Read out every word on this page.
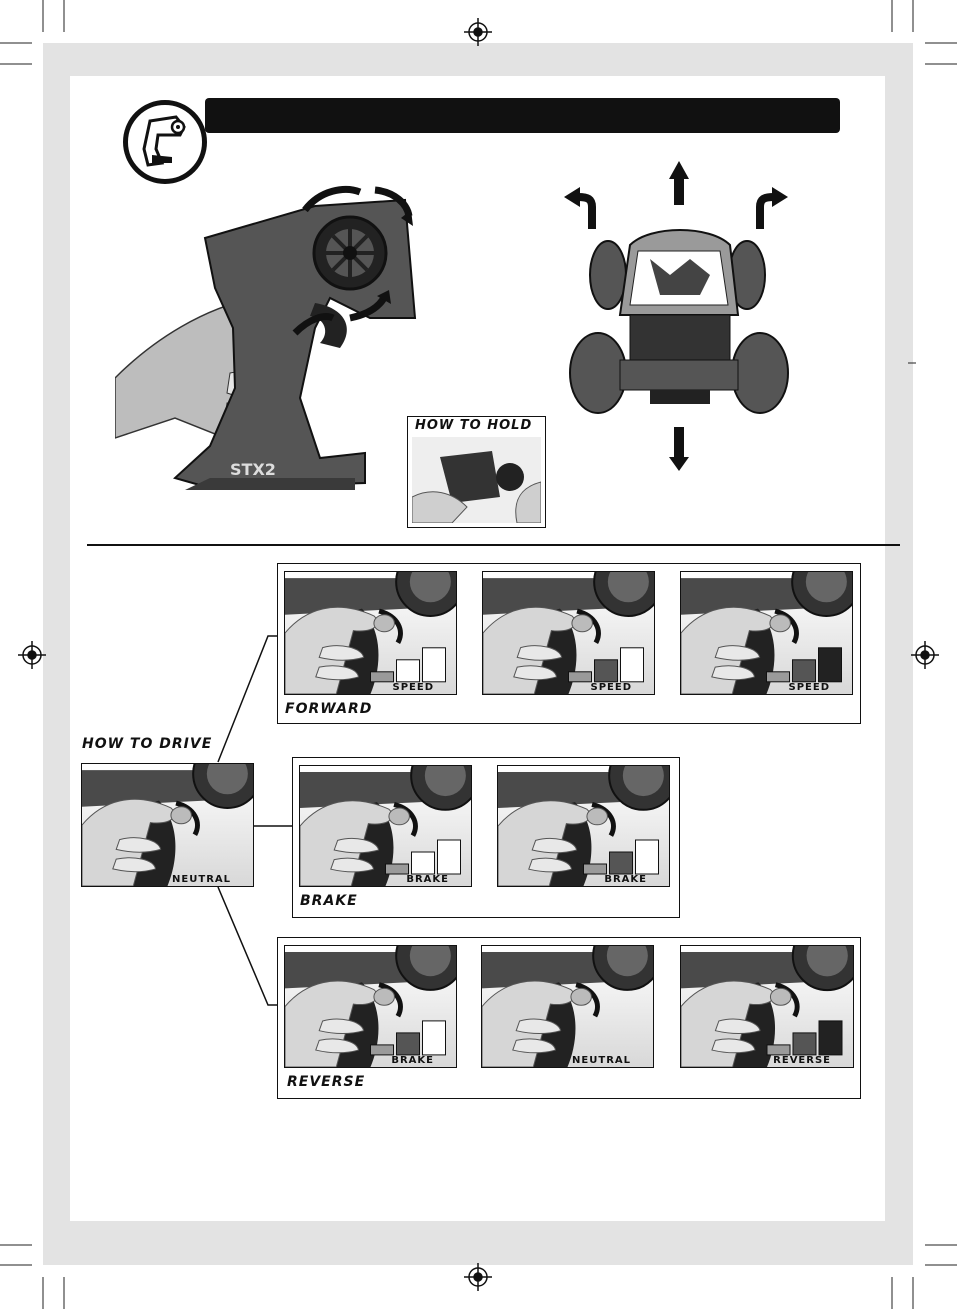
STX2
HOW TO HOLD
HOW TO DRIVE
NEUTRAL
FORWARD
BRAKE
REVERSE
SPEED	SPEED	SPEED
BRAKE	BRAKE
BRAKE	NEUTRAL	REVERSE
